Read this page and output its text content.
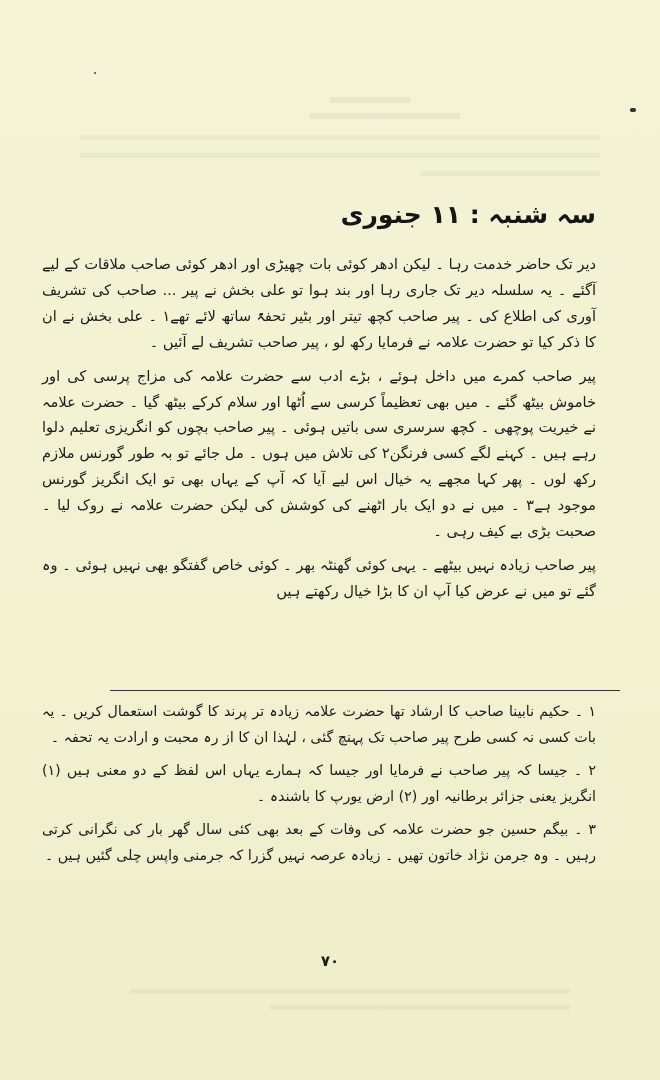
سہ شنبہ : ۱۱ جنوری

دیر تک حاضر خدمت رہا ۔ لیکن ادھر کوئی بات چھیڑی اور ادھر کوئی صاحب ملاقات کے لیے آگئے ۔ یہ سلسلہ دیر تک جاری رہا اور بند ہوا تو علی بخش نے پیر ... صاحب کی تشریف آوری کی اطلاع کی ۔ پیر صاحب کچھ تیتر اور بٹیر تحفۃً ساتھ لائے تھے۱ ۔ علی بخش نے ان کا ذکر کیا تو حضرت علامہ نے فرمایا رکھ لو ، پیر صاحب تشریف لے آئیں ۔

پیر صاحب کمرے میں داخل ہوئے ، بڑے ادب سے حضرت علامہ کی مزاج پرسی کی اور خاموش بیٹھ گئے ۔ میں بھی تعظیماً کرسی سے اُٹھا اور سلام کرکے بیٹھ گیا ۔ حضرت علامہ نے خیریت پوچھی ۔ کچھ سرسری سی باتیں ہوئی ۔ پیر صاحب بچوں کو انگریزی تعلیم دلوا رہے ہیں ۔ کہنے لگے کسی فرنگن۲ کی تلاش میں ہوں ۔ مل جائے تو بہ طور گورنس ملازم رکھ لوں ۔ پھر کہا مجھے یہ خیال اس لیے آیا کہ آپ کے یہاں بھی تو ایک انگریز گورنس موجود ہے۳ ۔ میں نے دو ایک بار اٹھنے کی کوشش کی لیکن حضرت علامہ نے روک لیا ۔ صحبت بڑی بے کیف رہی ۔

پیر صاحب زیادہ نہیں بیٹھے ۔ یہی کوئی گھنٹہ بھر ۔ کوئی خاص گفتگو بھی نہیں ہوئی ۔ وہ گئے تو میں نے عرض کیا آپ ان کا بڑا خیال رکھتے ہیں

۱ ۔ حکیم نابینا صاحب کا ارشاد تھا حضرت علامہ زیادہ تر پرند کا گوشت استعمال کریں ۔ یہ بات کسی نہ کسی طرح پیر صاحب تک پہنچ گئی ، لہٰذا ان کا از رہ محبت و ارادت یہ تحفہ ۔

۲ ۔ جیسا کہ پیر صاحب نے فرمایا اور جیسا کہ ہمارے یہاں اس لفظ کے دو معنی ہیں (۱) انگریز یعنی جزائر برطانیہ اور (۲) ارض یورپ کا باشندہ ۔

۳ ۔ بیگم حسین جو حضرت علامہ کی وفات کے بعد بھی کئی سال گھر بار کی نگرانی کرتی رہیں ۔ وہ جرمن نژاد خاتون تھیں ۔ زیادہ عرصہ نہیں گزرا کہ جرمنی واپس چلی گئیں ہیں ۔

۷۰
